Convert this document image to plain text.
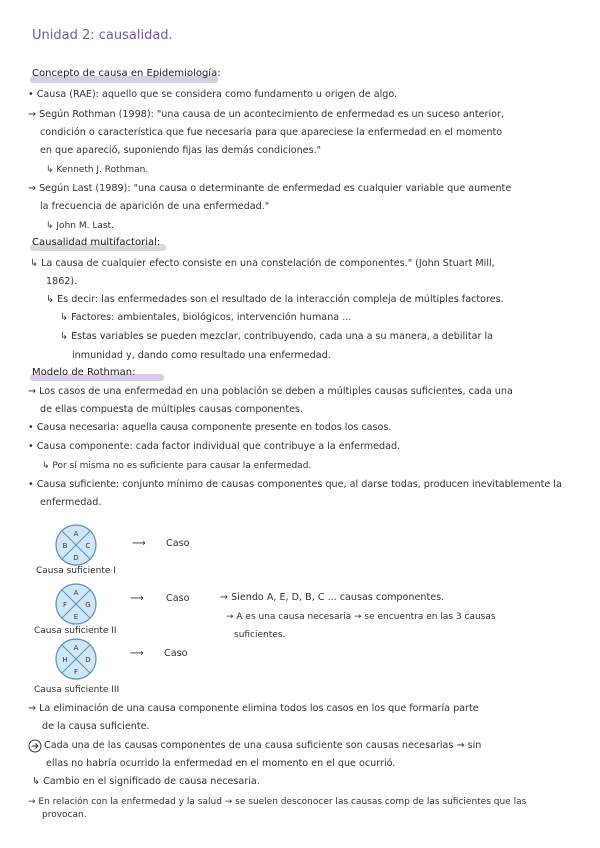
Unidad 2: causalidad.
Concepto de causa en Epidemiología:
• Causa (RAE): aquello que se considera como fundamento u origen de algo.
→ Según Rothman (1998): "una causa de un acontecimiento de enfermedad es un suceso anterior,
condición o característica que fue necesaria para que apareciese la enfermedad en el momento
en que apareció, suponiendo fijas las demás condiciones."
↳ Kenneth J. Rothman.
→ Según Last (1989): "una causa o determinante de enfermedad es cualquier variable que aumente
la frecuencia de aparición de una enfermedad."
↳ John M. Last.
Causalidad multifactorial:
↳ La causa de cualquier efecto consiste en una constelación de componentes." (John Stuart Mill,
1862).
↳ Es decir: las enfermedades son el resultado de la interacción compleja de múltiples factores.
↳ Factores: ambientales, biológicos, intervención humana ...
↳ Estas variables se pueden mezclar, contribuyendo, cada una a su manera, a debilitar la
inmunidad y, dando como resultado una enfermedad.
Modelo de Rothman:
→ Los casos de una enfermedad en una población se deben a múltiples causas suficientes, cada una
de ellas compuesta de múltiples causas componentes.
• Causa necesaria: aquella causa componente presente en todos los casos.
• Causa componente: cada factor individual que contribuye a la enfermedad.
↳ Por sí misma no es suficiente para causar la enfermedad.
• Causa suficiente: conjunto mínimo de causas componentes que, al darse todas, producen inevitablemente la
enfermedad.
A
C
B
D
⟶ Caso
Causa suficiente I
A
G
F
E
⟶ Caso
Causa suficiente II
→ Siendo A, E, D, B, C ... causas componentes.
→ A es una causa necesaria → se encuentra en las 3 causas
suficientes.
A
D
H
F
⟶ Caso
Causa suficiente III
→ La eliminación de una causa componente elimina todos los casos en los que formaría parte
de la causa suficiente.
Cada una de las causas componentes de una causa suficiente son causas necesarias → sin
ellas no habría ocurrido la enfermedad en el momento en el que ocurrió.
↳ Cambio en el significado de causa necesaria.
→ En relación con la enfermedad y la salud → se suelen desconocer las causas comp de las suficientes que las
provocan.
